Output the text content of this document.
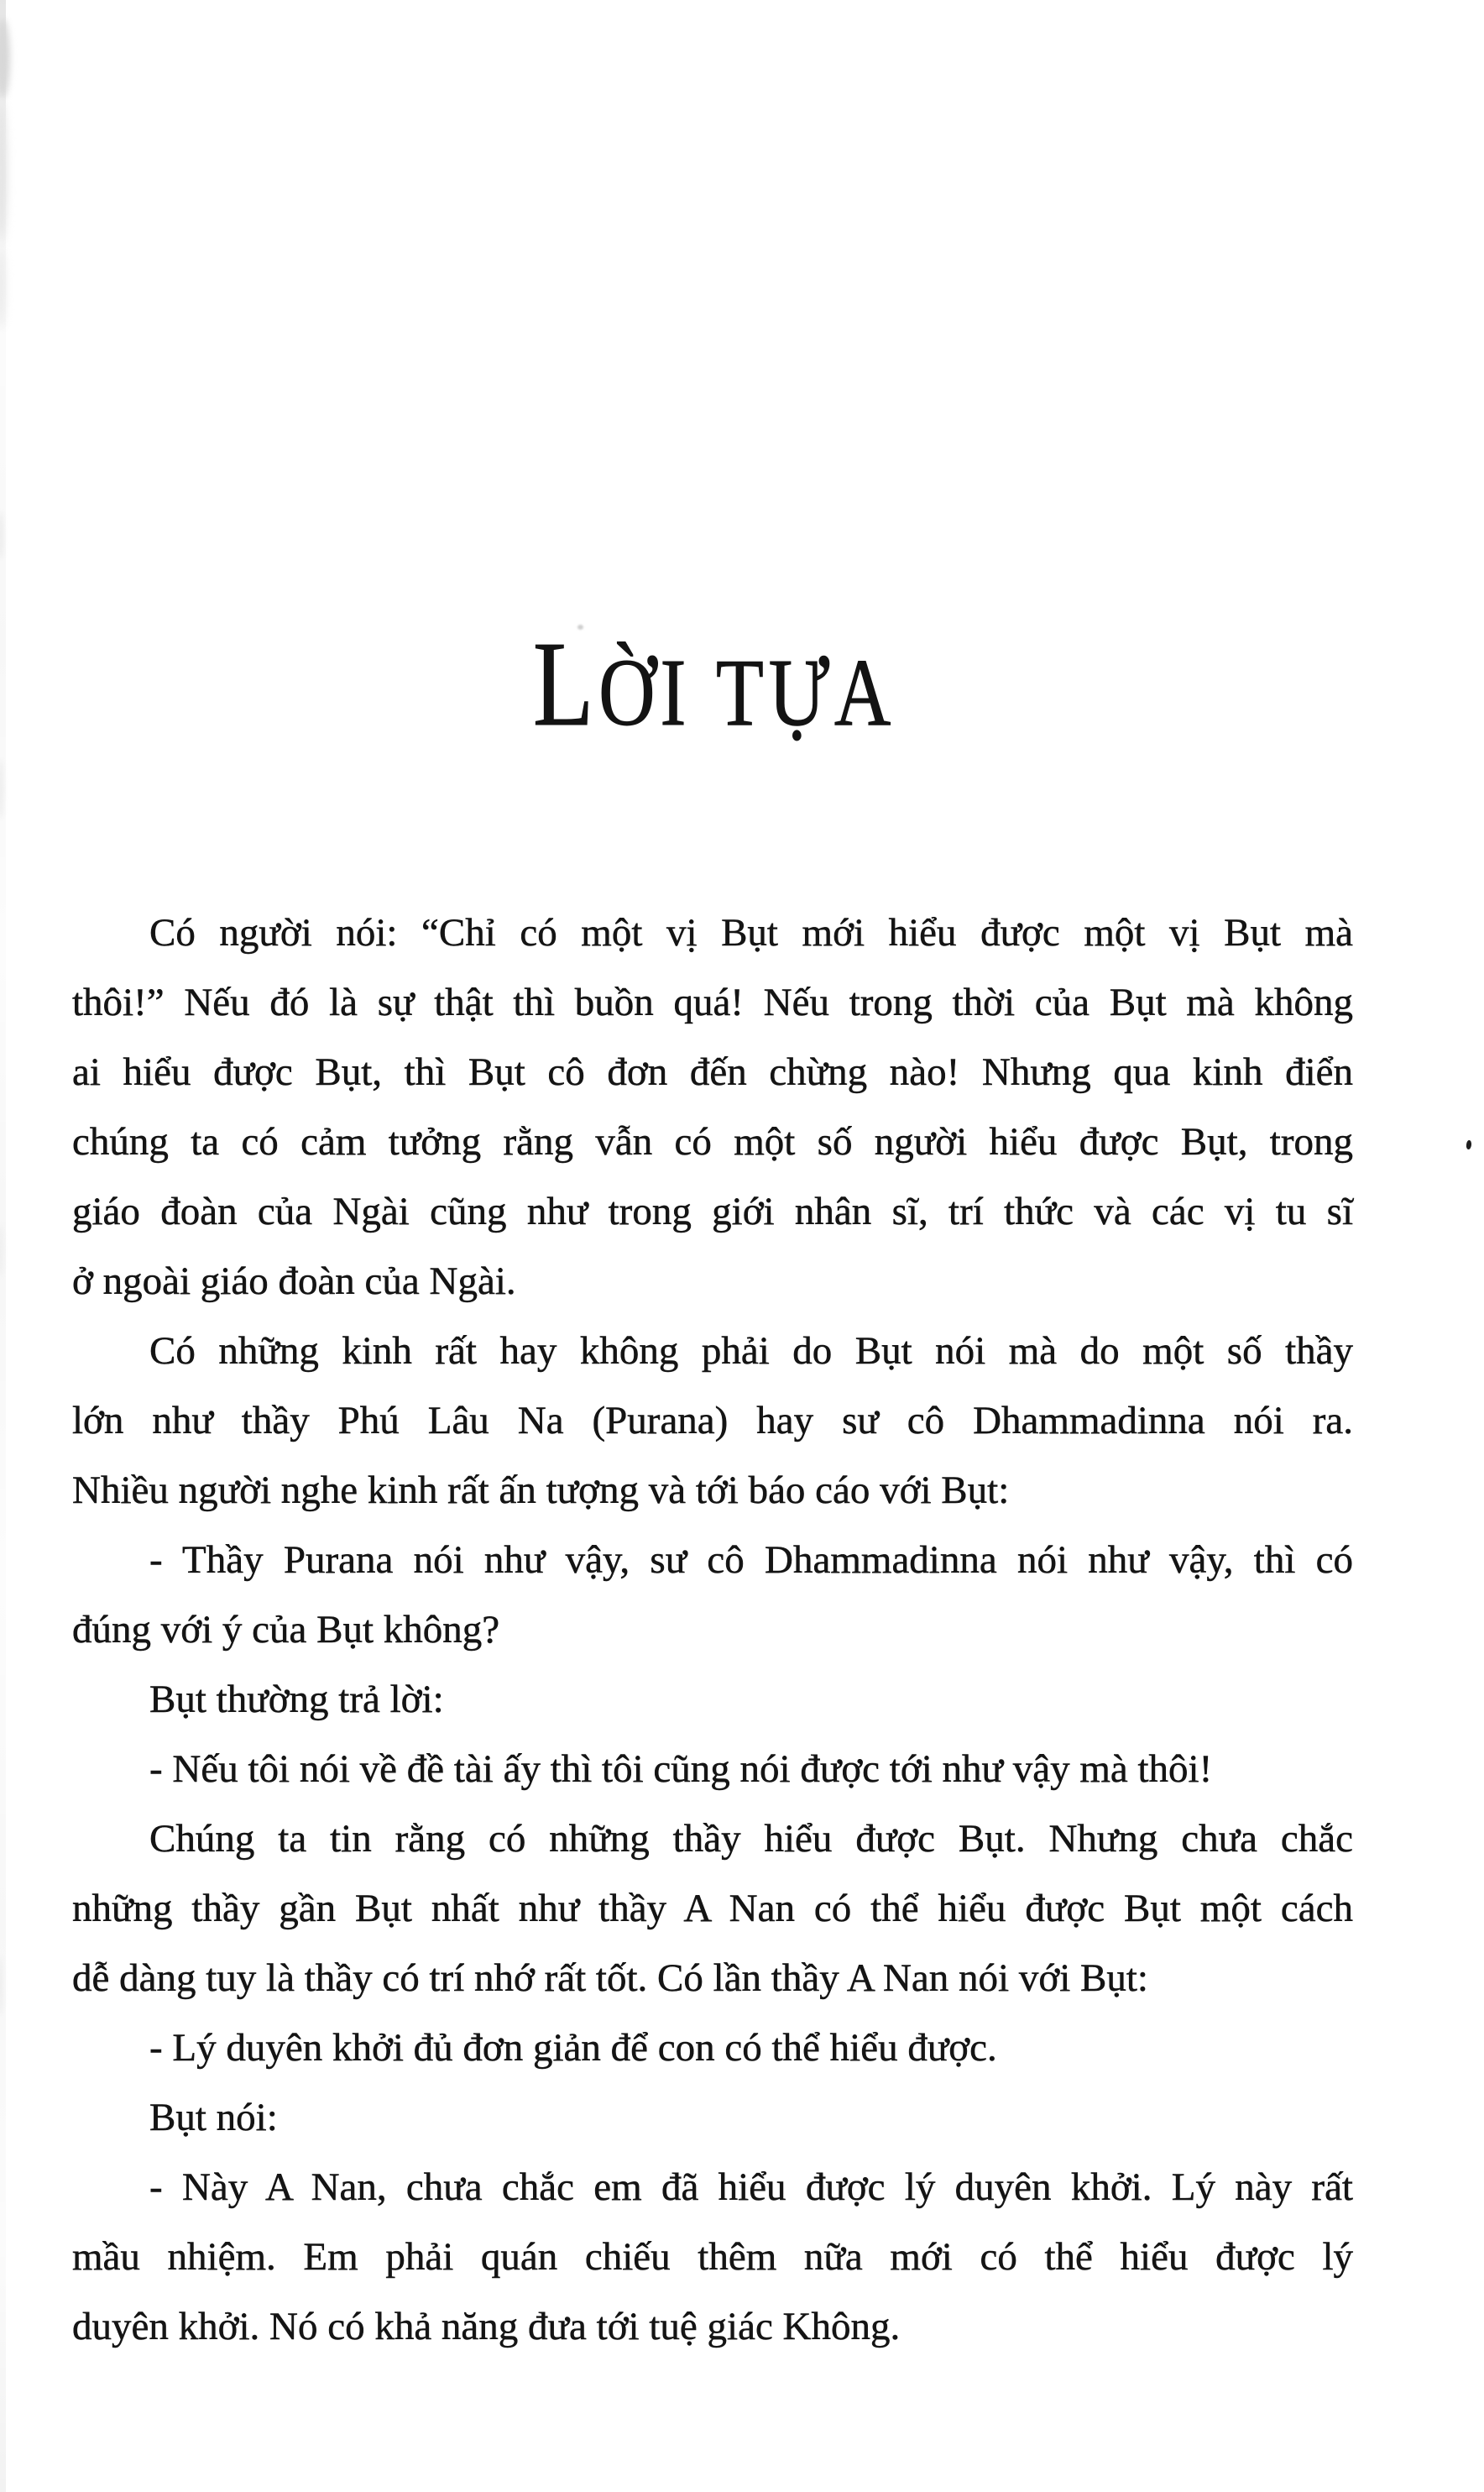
LỜI TỰA
Có người nói: “Chỉ có một vị Bụt mới hiểu được một vị Bụt mà
thôi!” Nếu đó là sự thật thì buồn quá! Nếu trong thời của Bụt mà không
ai hiểu được Bụt, thì Bụt cô đơn đến chừng nào! Nhưng qua kinh điển
chúng ta có cảm tưởng rằng vẫn có một số người hiểu được Bụt, trong
giáo đoàn của Ngài cũng như trong giới nhân sĩ, trí thức và các vị tu sĩ
ở ngoài giáo đoàn của Ngài.
Có những kinh rất hay không phải do Bụt nói mà do một số thầy
lớn như thầy Phú Lâu Na (Purana) hay sư cô Dhammadinna nói ra.
Nhiều người nghe kinh rất ấn tượng và tới báo cáo với Bụt:
- Thầy Purana nói như vậy, sư cô Dhammadinna nói như vậy, thì có
đúng với ý của Bụt không?
Bụt thường trả lời:
- Nếu tôi nói về đề tài ấy thì tôi cũng nói được tới như vậy mà thôi!
Chúng ta tin rằng có những thầy hiểu được Bụt. Nhưng chưa chắc
những thầy gần Bụt nhất như thầy A Nan có thể hiểu được Bụt một cách
dễ dàng tuy là thầy có trí nhớ rất tốt. Có lần thầy A Nan nói với Bụt:
- Lý duyên khởi đủ đơn giản để con có thể hiểu được.
Bụt nói:
- Này A Nan, chưa chắc em đã hiểu được lý duyên khởi. Lý này rất
mầu nhiệm. Em phải quán chiếu thêm nữa mới có thể hiểu được lý
duyên khởi. Nó có khả năng đưa tới tuệ giác Không.
